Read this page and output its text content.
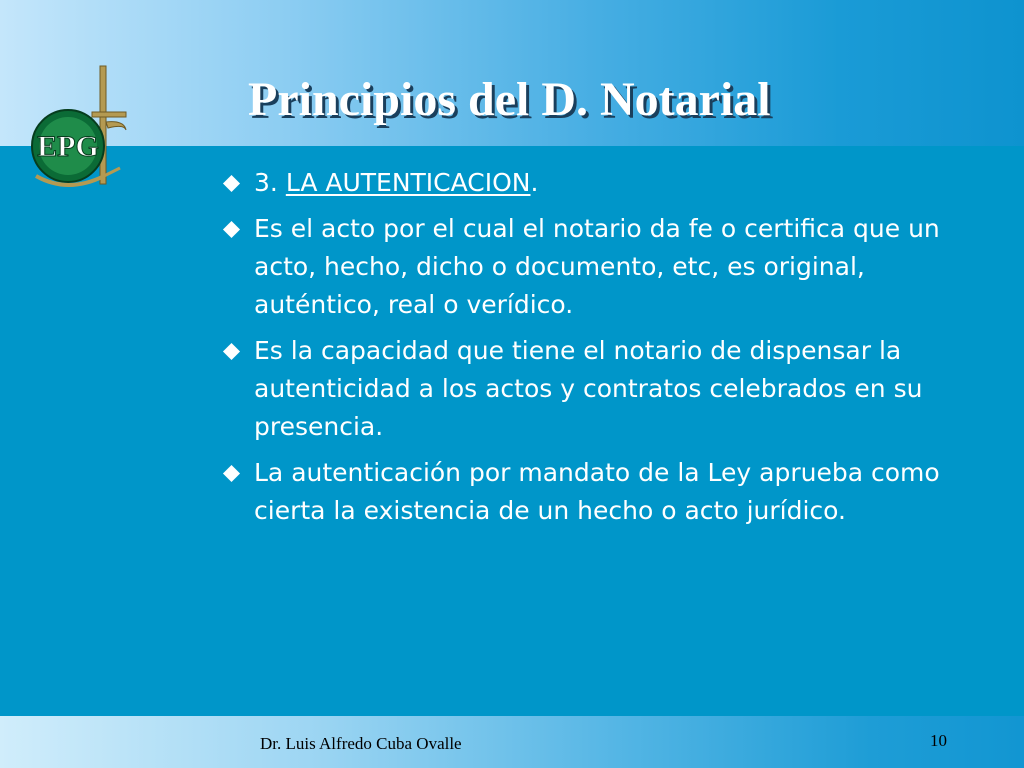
EPG
Principios del D. Notarial
3. LA AUTENTICACION.
Es el acto por el cual el notario da fe o certifica que un acto, hecho, dicho o documento, etc, es original, auténtico, real o verídico.
Es la capacidad que tiene el notario de dispensar la autenticidad a los actos y contratos celebrados en su presencia.
La autenticación por mandato de la Ley aprueba como cierta la existencia de un hecho o acto jurídico.
Dr. Luis Alfredo Cuba Ovalle	10
